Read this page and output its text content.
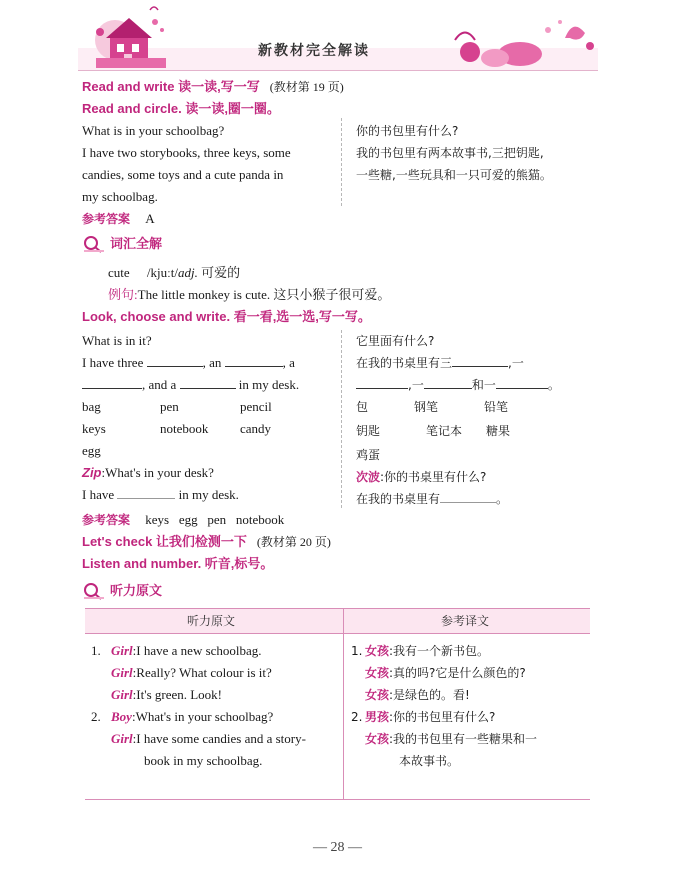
新教材完全解读
Read and write 读一读,写一写 (教材第 19 页)
Read and circle. 读一读,圈一圈。
What is in your schoolbag?
I have two storybooks, three keys, some
candies, some toys and a cute panda in
my schoolbag.
你的书包里有什么?
我的书包里有两本故事书,三把钥匙,
一些糖,一些玩具和一只可爱的熊猫。
参考答案 A
词汇全解
cute /kjuːt/adj. 可爱的
例句:The little monkey is cute. 这只小猴子很可爱。
Look, choose and write. 看一看,选一选,写一写。
What is in it?
I have three	, an	, a
, and a	in my desk.
bag	pen	pencil
keys	notebook candy
egg
Zip:What's in your desk?
I have	in my desk.
它里面有什么?
在我的书桌里有三	,一
,一	和一	。
包	钢笔	铅笔
钥匙	笔记本 糖果
鸡蛋
次波:你的书桌里有什么?
在我的书桌里有	。
参考答案 keys   egg   pen   notebook
Let's check 让我们检测一下 (教材第 20 页)
Listen and number. 听音,标号。
听力原文
听力原文	参考译文
1. Girl:I have a new schoolbag.
Girl:Really? What colour is it?
Girl:It's green. Look!
2. Boy:What's in your schoolbag?
Girl:I have some candies and a story-
book in my schoolbag.
1. 女孩:我有一个新书包。
女孩:真的吗?它是什么颜色的?
女孩:是绿色的。看!
2. 男孩:你的书包里有什么?
女孩:我的书包里有一些糖果和一
本故事书。
— 28 —
